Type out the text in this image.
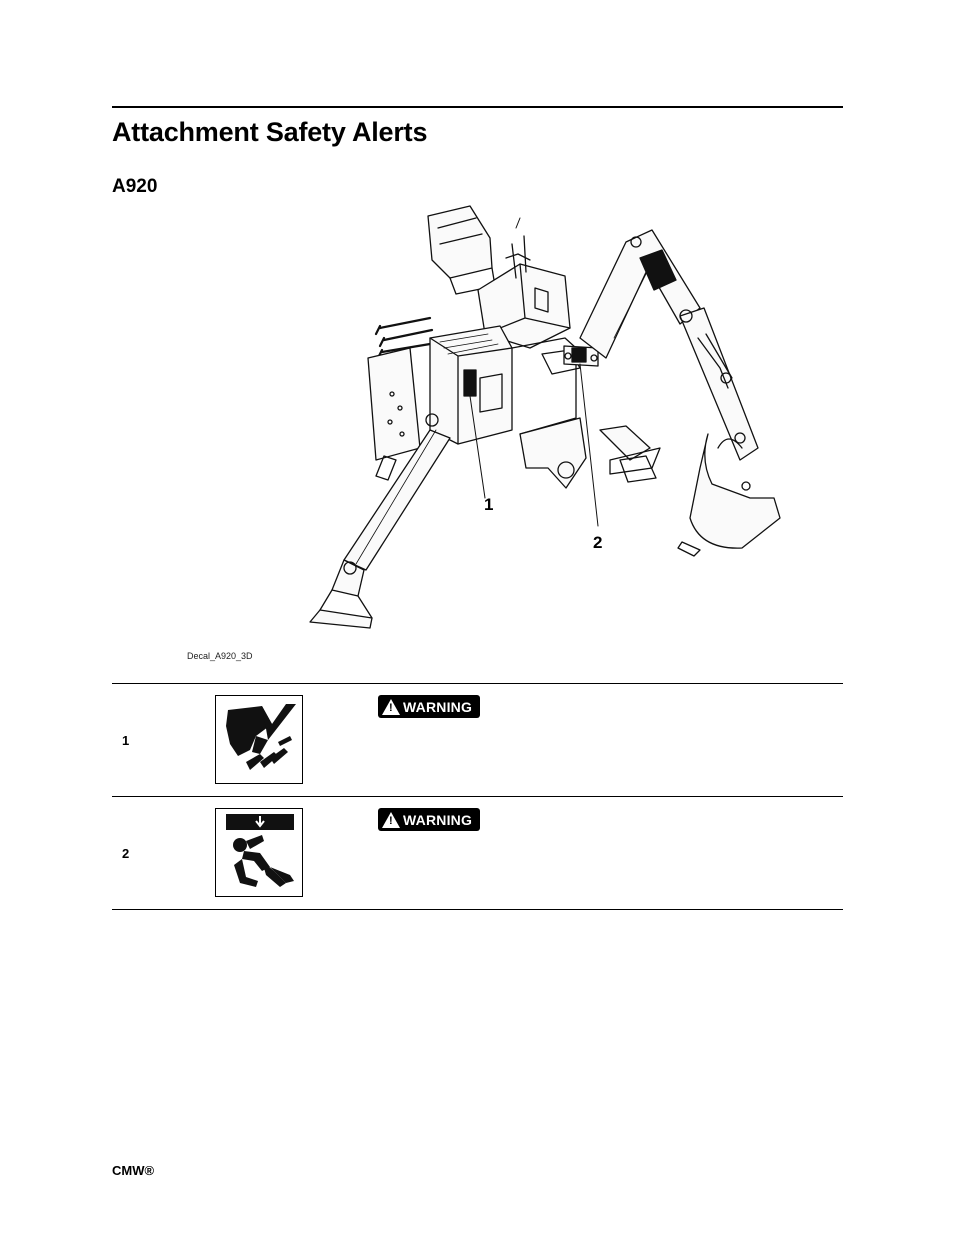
Attachment Safety Alerts
A920
1
2
Decal_A920_3D
1
! WARNING
2
! WARNING
CMW®
